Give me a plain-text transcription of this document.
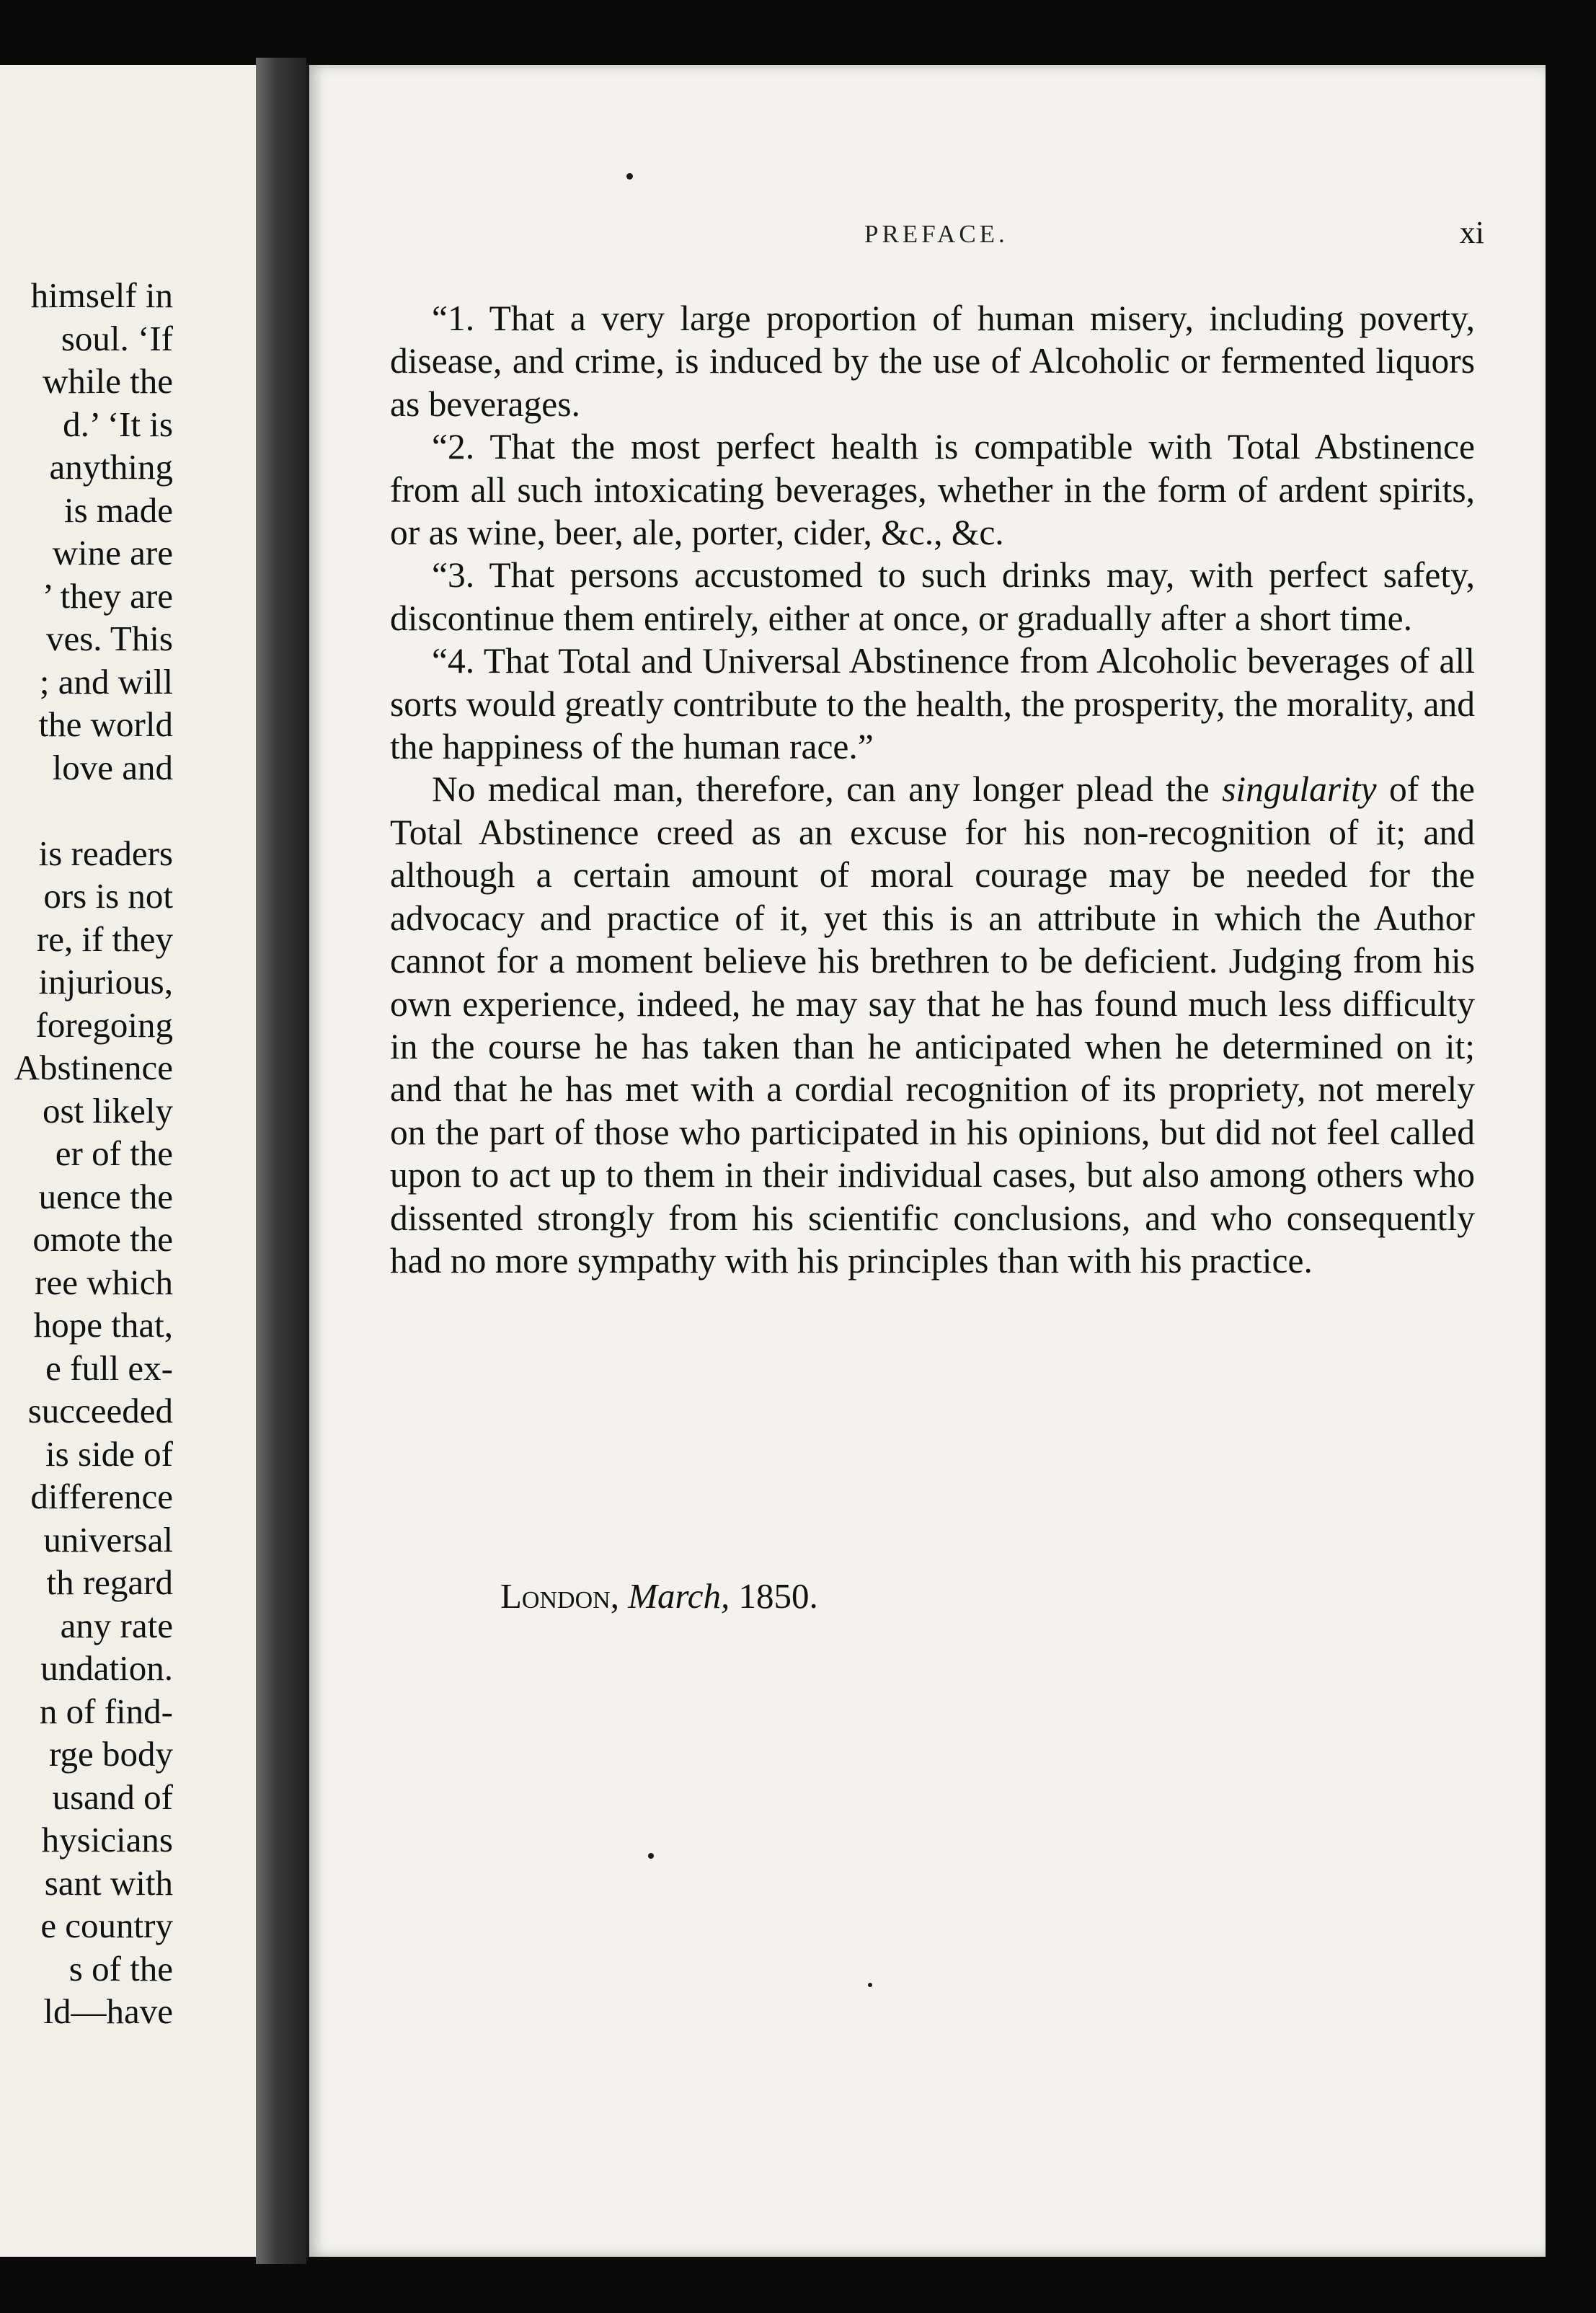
himself in
soul. ‘If
while the
d.’ ‘It is
anything
is made
wine are
’ they are
ves. This
; and will
the world
love and
is readers
ors is not
re, if they
injurious,
foregoing
Abstinence
ost likely
er of the
uence the
omote the
ree which
hope that,
e full ex-
succeeded
is side of
difference
universal
th regard
any rate
undation.
n of find-
rge body
usand of
hysicians
sant with
e country
s of the
ld—have
PREFACE.	xi

“1. That a very large proportion of human misery, including poverty, disease, and crime, is induced by the use of Alcoholic or fermented liquors as beverages.

“2. That the most perfect health is compatible with Total Abstinence from all such intoxicating beverages, whether in the form of ardent spirits, or as wine, beer, ale, porter, cider, &c., &c.

“3. That persons accustomed to such drinks may, with perfect safety, discontinue them entirely, either at once, or gradually after a short time.

“4. That Total and Universal Abstinence from Alcoholic beverages of all sorts would greatly contribute to the health, the prosperity, the morality, and the happiness of the human race.”

No medical man, therefore, can any longer plead the singularity of the Total Abstinence creed as an excuse for his non-recognition of it; and although a certain amount of moral courage may be needed for the advocacy and practice of it, yet this is an attribute in which the Author cannot for a moment believe his brethren to be deficient. Judging from his own experience, indeed, he may say that he has found much less difficulty in the course he has taken than he anticipated when he determined on it; and that he has met with a cordial recognition of its propriety, not merely on the part of those who participated in his opinions, but did not feel called upon to act up to them in their individual cases, but also among others who dissented strongly from his scientific conclusions, and who consequently had no more sympathy with his principles than with his practice.

London, March, 1850.
